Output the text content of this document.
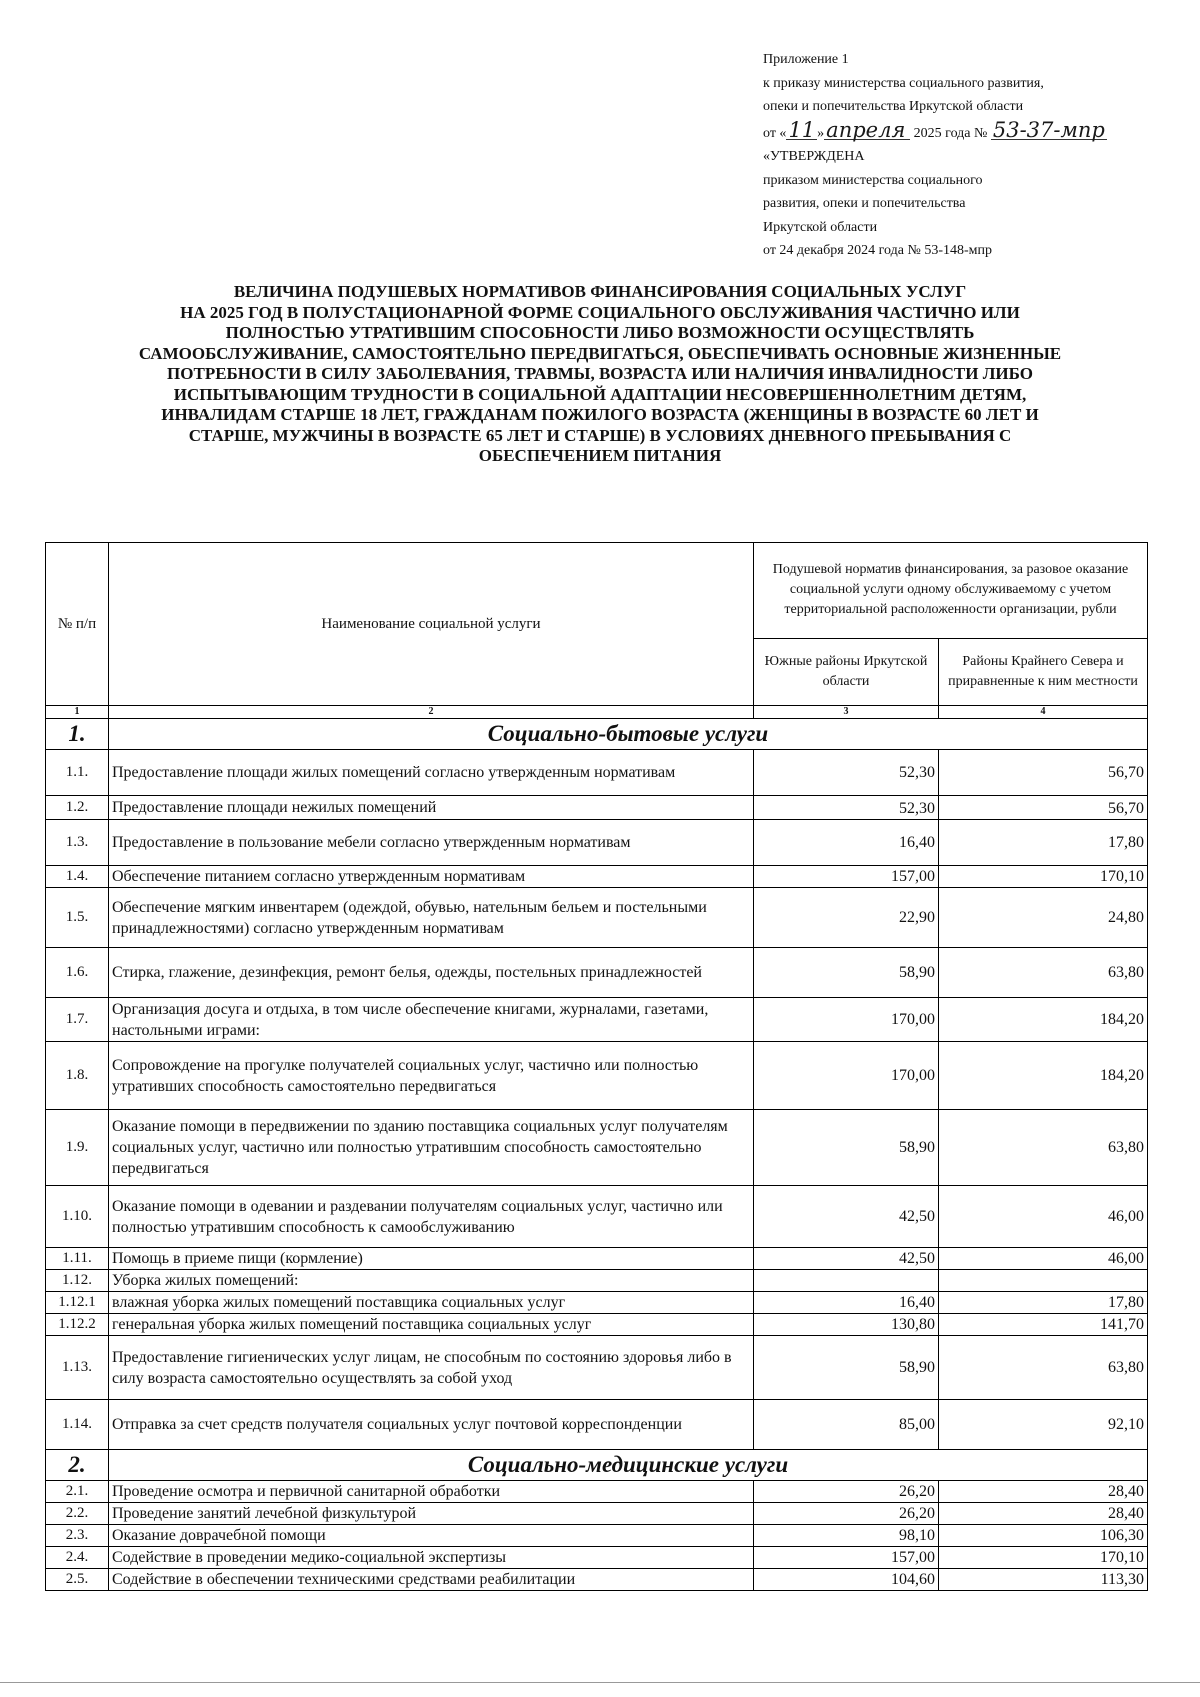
Приложение 1
к приказу министерства социального развития,
опеки и попечительства Иркутской области
от «11 »апреля 2025 года № 53-37-мпр
«УТВЕРЖДЕНА
приказом министерства социального
развития, опеки и попечительства
Иркутской области
от 24 декабря 2024 года № 53-148-мпр
ВЕЛИЧИНА ПОДУШЕВЫХ НОРМАТИВОВ ФИНАНСИРОВАНИЯ СОЦИАЛЬНЫХ УСЛУГ
НА 2025 ГОД В ПОЛУСТАЦИОНАРНОЙ ФОРМЕ СОЦИАЛЬНОГО ОБСЛУЖИВАНИЯ ЧАСТИЧНО ИЛИ
ПОЛНОСТЬЮ УТРАТИВШИМ СПОСОБНОСТИ ЛИБО ВОЗМОЖНОСТИ ОСУЩЕСТВЛЯТЬ
САМООБСЛУЖИВАНИЕ, САМОСТОЯТЕЛЬНО ПЕРЕДВИГАТЬСЯ, ОБЕСПЕЧИВАТЬ ОСНОВНЫЕ ЖИЗНЕННЫЕ
ПОТРЕБНОСТИ В СИЛУ ЗАБОЛЕВАНИЯ, ТРАВМЫ, ВОЗРАСТА ИЛИ НАЛИЧИЯ ИНВАЛИДНОСТИ ЛИБО
ИСПЫТЫВАЮЩИМ ТРУДНОСТИ В СОЦИАЛЬНОЙ АДАПТАЦИИ НЕСОВЕРШЕННОЛЕТНИМ ДЕТЯМ,
ИНВАЛИДАМ СТАРШЕ 18 ЛЕТ, ГРАЖДАНАМ ПОЖИЛОГО ВОЗРАСТА (ЖЕНЩИНЫ В ВОЗРАСТЕ 60 ЛЕТ И
СТАРШЕ, МУЖЧИНЫ В ВОЗРАСТЕ 65 ЛЕТ И СТАРШЕ) В УСЛОВИЯХ ДНЕВНОГО ПРЕБЫВАНИЯ С
ОБЕСПЕЧЕНИЕМ ПИТАНИЯ
№ п/п	Наименование социальной услуги	Подушевой норматив финансирования, за разовое оказание социальной услуги одному обслуживаемому с учетом территориальной расположенности организации, рубли	
		Южные районы Иркутской области	Районы Крайнего Севера и приравненные к ним местности
1	2	3	4
1.	Социально-бытовые услуги		
1.1.	Предоставление площади жилых помещений согласно утвержденным нормативам	52,30	56,70
1.2.	Предоставление площади нежилых помещений	52,30	56,70
1.3.	Предоставление в пользование мебели согласно утвержденным нормативам	16,40	17,80
1.4.	Обеспечение питанием согласно утвержденным нормативам	157,00	170,10
1.5.	Обеспечение мягким инвентарем (одеждой, обувью, нательным бельем и постельными принадлежностями) согласно утвержденным нормативам	22,90	24,80
1.6.	Стирка, глажение, дезинфекция, ремонт белья, одежды, постельных принадлежностей	58,90	63,80
1.7.	Организация досуга и отдыха, в том числе обеспечение книгами, журналами, газетами, настольными играми:	170,00	184,20
1.8.	Сопровождение на прогулке получателей социальных услуг, частично или полностью утративших способность самостоятельно передвигаться	170,00	184,20
1.9.	Оказание помощи в передвижении по зданию поставщика социальных услуг получателям социальных услуг, частично или полностью утратившим способность самостоятельно передвигаться	58,90	63,80
1.10.	Оказание помощи в одевании и раздевании получателям социальных услуг, частично или полностью утратившим способность к самообслуживанию	42,50	46,00
1.11.	Помощь в приеме пищи (кормление)	42,50	46,00
1.12.	Уборка жилых помещений:		
1.12.1	влажная уборка жилых помещений поставщика социальных услуг	16,40	17,80
1.12.2	генеральная уборка жилых помещений поставщика социальных услуг	130,80	141,70
1.13.	Предоставление гигиенических услуг лицам, не способным по состоянию здоровья либо в силу возраста самостоятельно осуществлять за собой уход	58,90	63,80
1.14.	Отправка за счет средств получателя социальных услуг почтовой корреспонденции	85,00	92,10
2.	Социально-медицинские услуги		
2.1.	Проведение осмотра и первичной санитарной обработки	26,20	28,40
2.2.	Проведение занятий лечебной физкультурой	26,20	28,40
2.3.	Оказание доврачебной помощи	98,10	106,30
2.4.	Содействие в проведении медико-социальной экспертизы	157,00	170,10
2.5.	Содействие в обеспечении техническими средствами реабилитации	104,60	113,30
